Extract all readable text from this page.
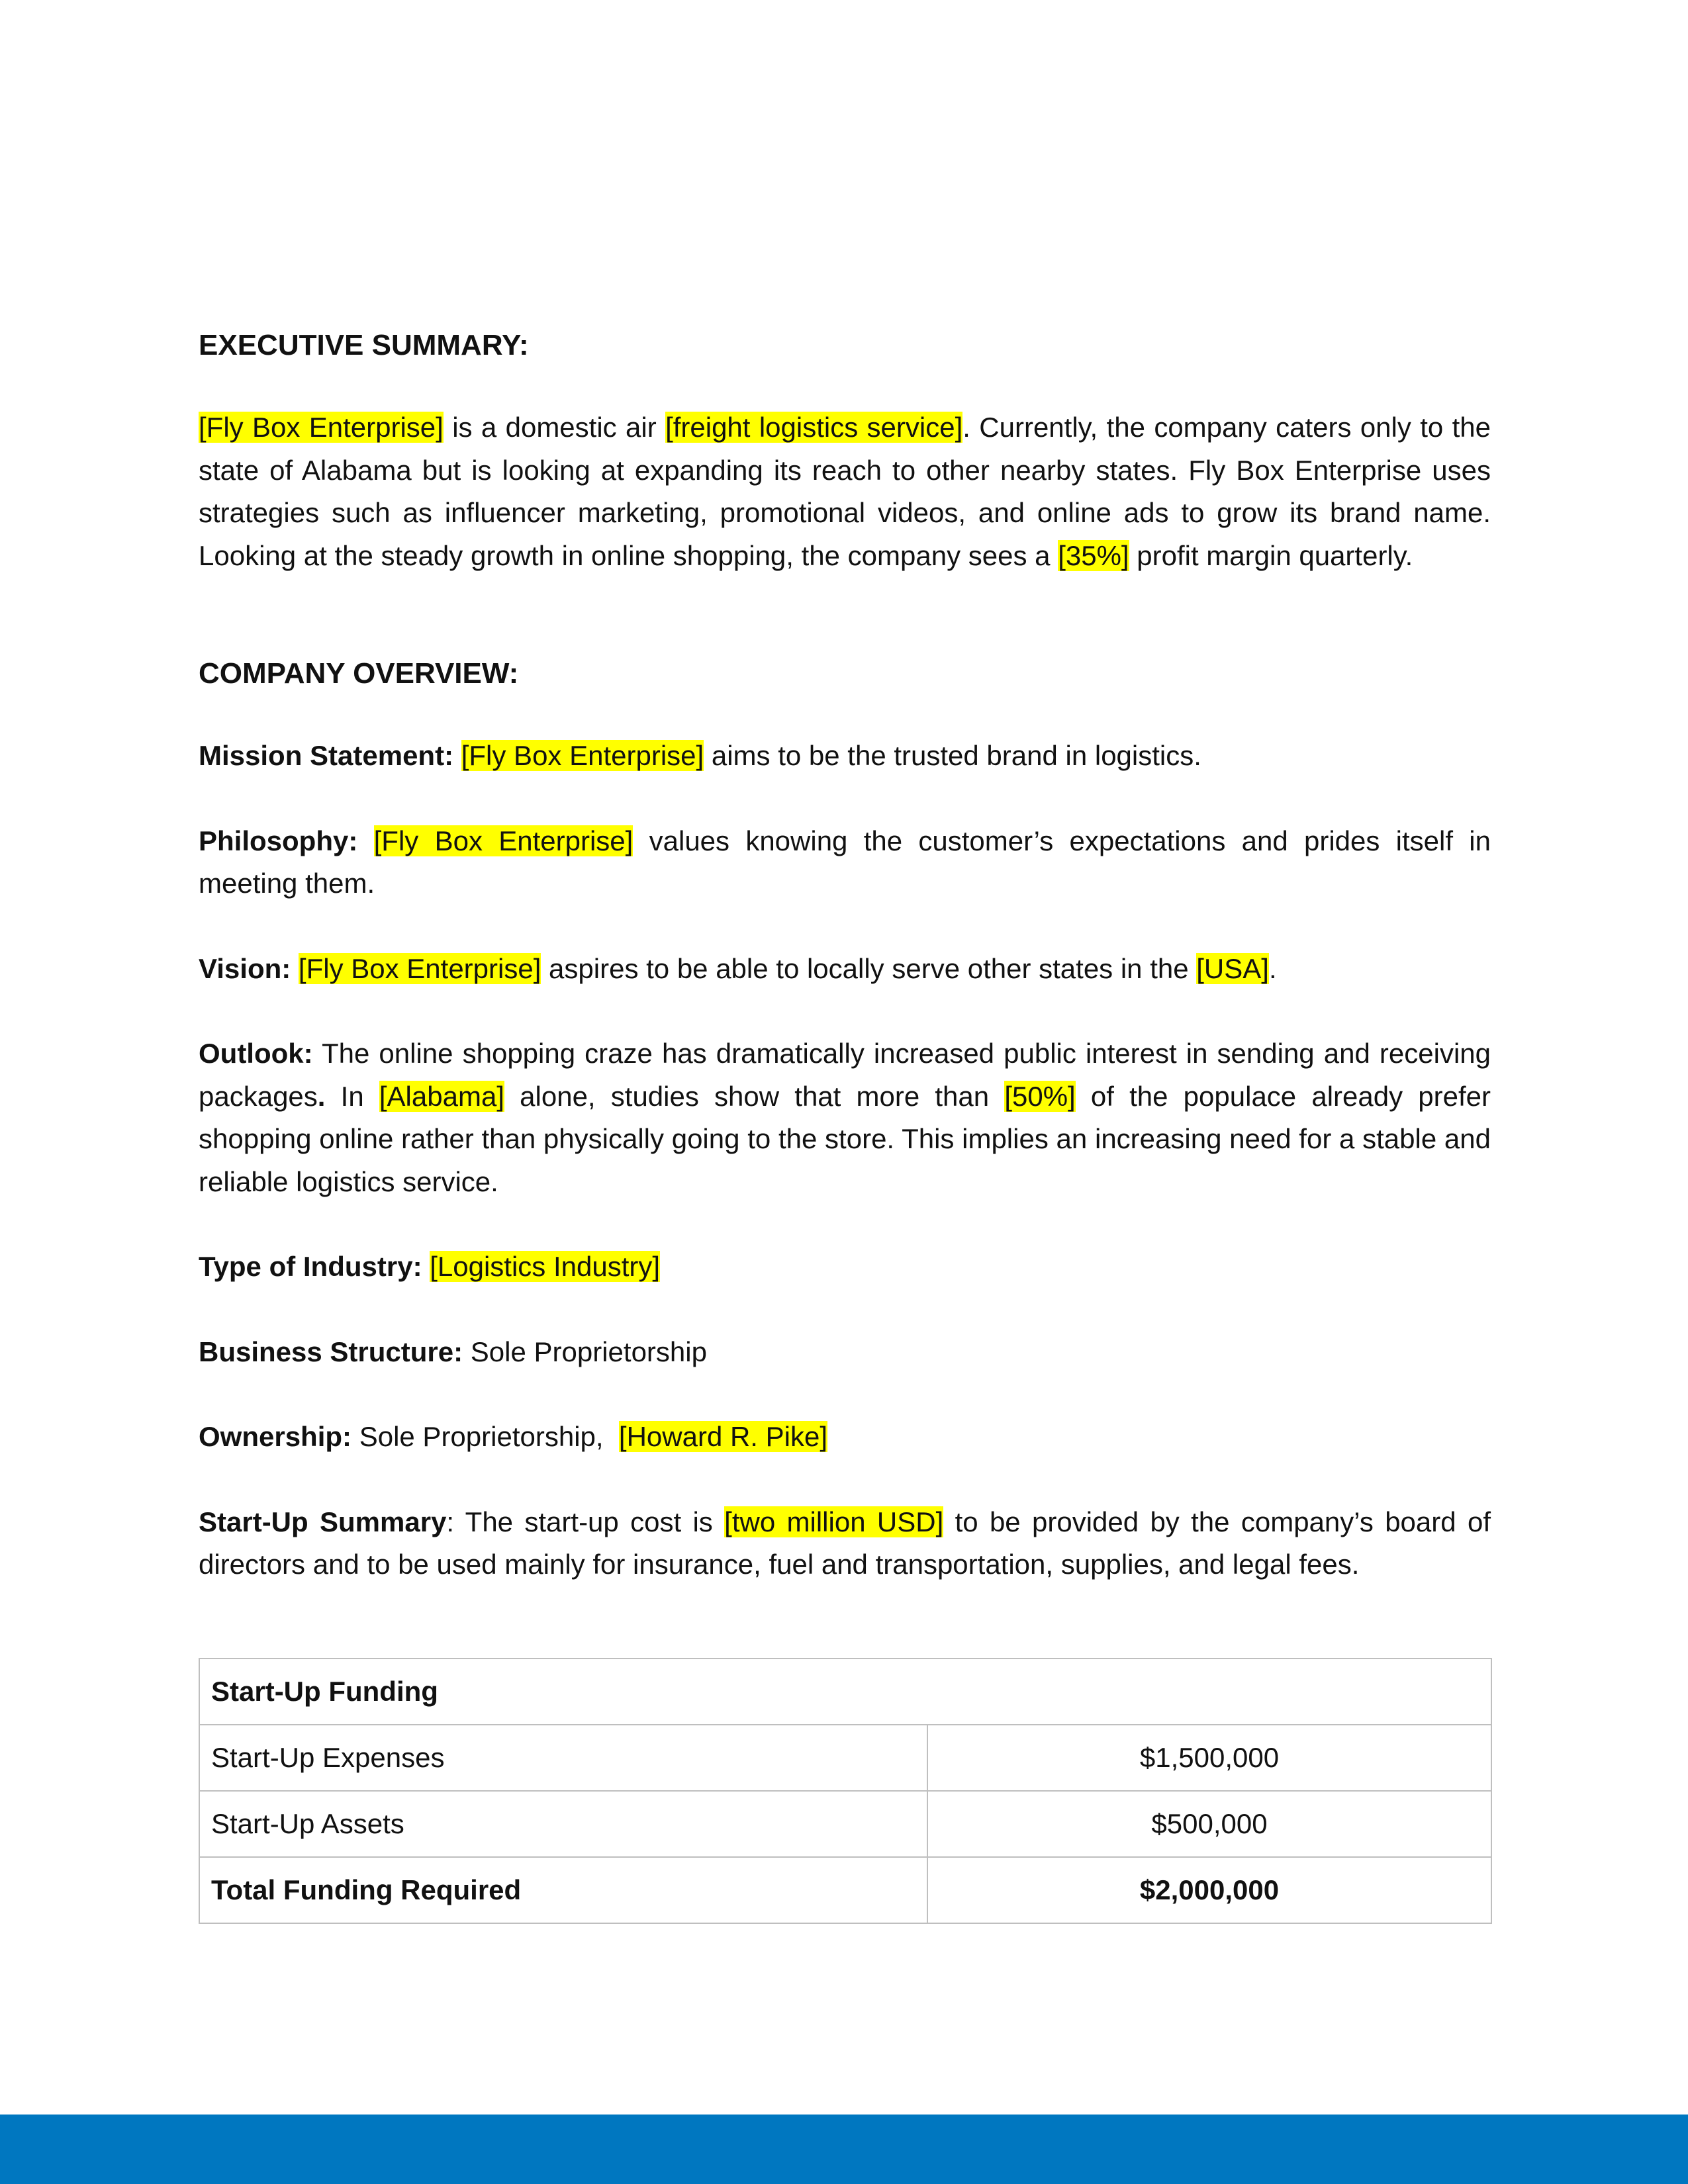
EXECUTIVE SUMMARY:

[Fly Box Enterprise] is a domestic air [freight logistics service]. Currently, the company caters only to the state of Alabama but is looking at expanding its reach to other nearby states. Fly Box Enterprise uses strategies such as influencer marketing, promotional videos, and online ads to grow its brand name. Looking at the steady growth in online shopping, the company sees a [35%] profit margin quarterly.

COMPANY OVERVIEW:

Mission Statement: [Fly Box Enterprise] aims to be the trusted brand in logistics.

Philosophy: [Fly Box Enterprise] values knowing the customer’s expectations and prides itself in meeting them.

Vision: [Fly Box Enterprise] aspires to be able to locally serve other states in the [USA].

Outlook: The online shopping craze has dramatically increased public interest in sending and receiving packages. In [Alabama] alone, studies show that more than [50%] of the populace already prefer shopping online rather than physically going to the store. This implies an increasing need for a stable and reliable logistics service.

Type of Industry: [Logistics Industry]

Business Structure: Sole Proprietorship

Ownership: Sole Proprietorship,  [Howard R. Pike]

Start-Up Summary: The start-up cost is [two million USD] to be provided by the company’s board of directors and to be used mainly for insurance, fuel and transportation, supplies, and legal fees.

Start-Up Funding	
Start-Up Expenses	$1,500,000
Start-Up Assets	$500,000
Total Funding Required	$2,000,000
